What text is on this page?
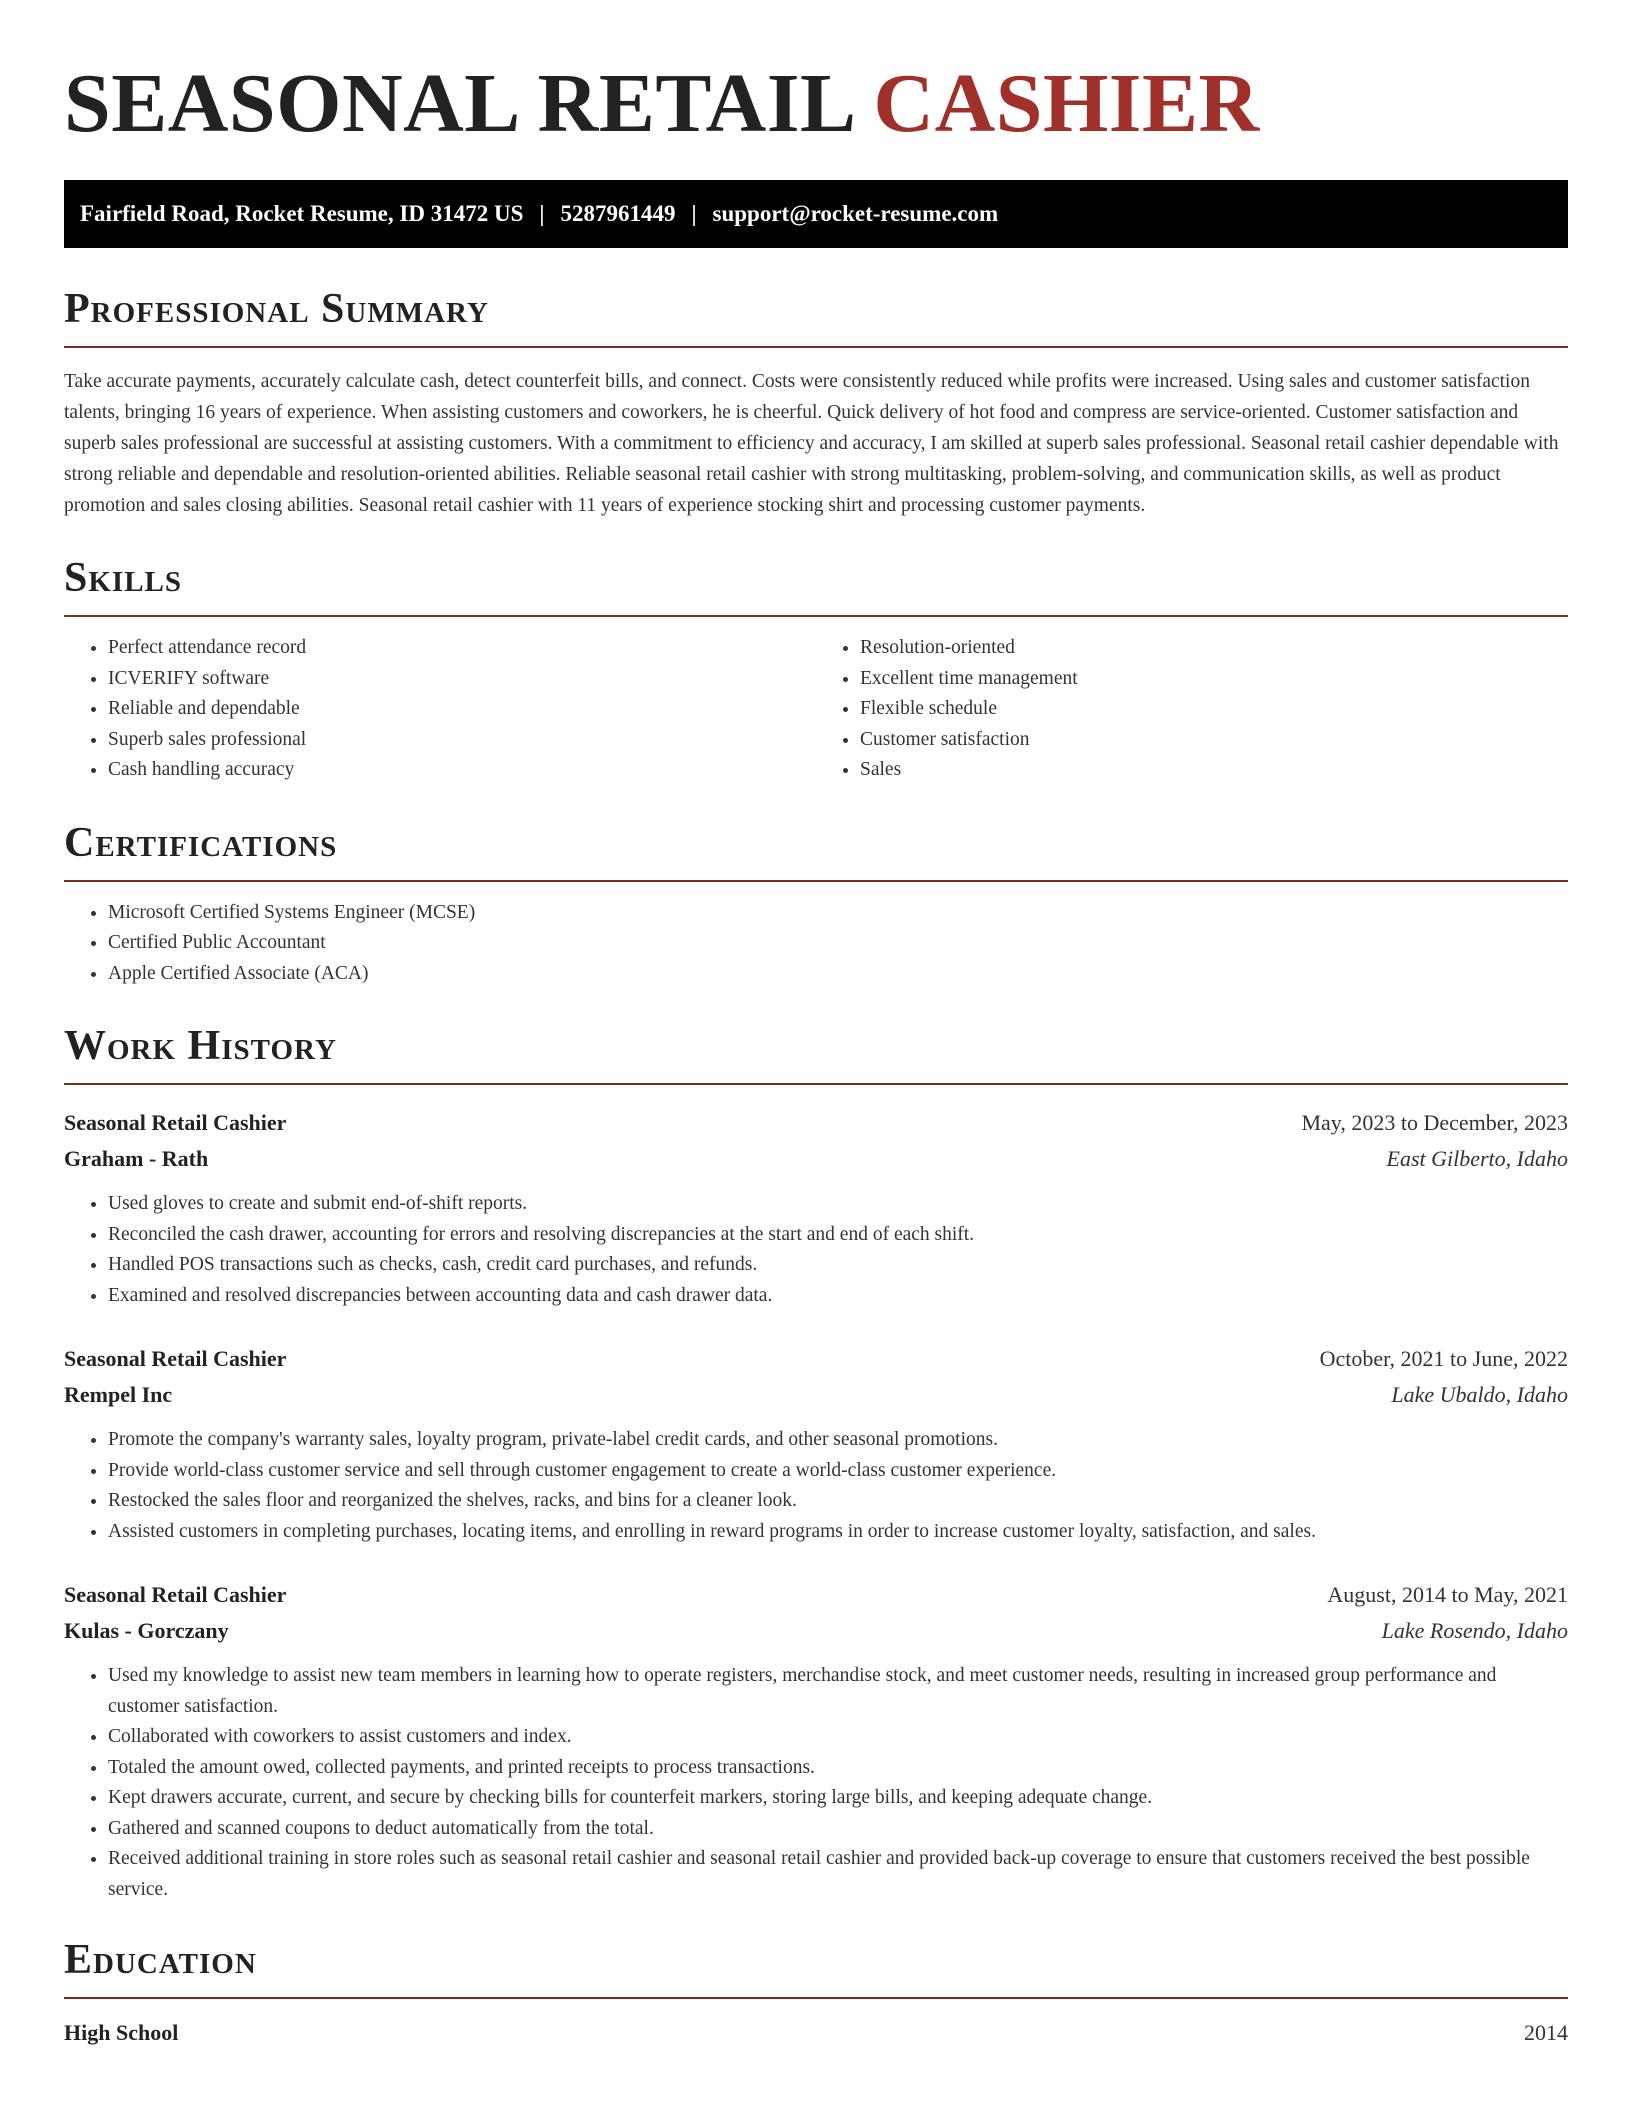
SEASONAL RETAIL CASHIER
Fairfield Road, Rocket Resume, ID 31472 US | 5287961449 | support@rocket-resume.com
Professional Summary

Take accurate payments, accurately calculate cash, detect counterfeit bills, and connect. Costs were consistently reduced while profits were increased. Using sales and customer satisfaction talents, bringing 16 years of experience. When assisting customers and coworkers, he is cheerful. Quick delivery of hot food and compress are service-oriented. Customer satisfaction and superb sales professional are successful at assisting customers. With a commitment to efficiency and accuracy, I am skilled at superb sales professional. Seasonal retail cashier dependable with strong reliable and dependable and resolution-oriented abilities. Reliable seasonal retail cashier with strong multitasking, problem-solving, and communication skills, as well as product promotion and sales closing abilities. Seasonal retail cashier with 11 years of experience stocking shirt and processing customer payments.

Skills
• Perfect attendance record
• ICVERIFY software
• Reliable and dependable
• Superb sales professional
• Cash handling accuracy
• Resolution-oriented
• Excellent time management
• Flexible schedule
• Customer satisfaction
• Sales
Certifications
• Microsoft Certified Systems Engineer (MCSE)
• Certified Public Accountant
• Apple Certified Associate (ACA)
Work History
Seasonal Retail Cashier	May, 2023 to December, 2023
Graham - Rath	East Gilberto, Idaho
• Used gloves to create and submit end-of-shift reports.
• Reconciled the cash drawer, accounting for errors and resolving discrepancies at the start and end of each shift.
• Handled POS transactions such as checks, cash, credit card purchases, and refunds.
• Examined and resolved discrepancies between accounting data and cash drawer data.
Seasonal Retail Cashier	October, 2021 to June, 2022
Rempel Inc	Lake Ubaldo, Idaho
• Promote the company's warranty sales, loyalty program, private-label credit cards, and other seasonal promotions.
• Provide world-class customer service and sell through customer engagement to create a world-class customer experience.
• Restocked the sales floor and reorganized the shelves, racks, and bins for a cleaner look.
• Assisted customers in completing purchases, locating items, and enrolling in reward programs in order to increase customer loyalty, satisfaction, and sales.
Seasonal Retail Cashier	August, 2014 to May, 2021
Kulas - Gorczany	Lake Rosendo, Idaho
• Used my knowledge to assist new team members in learning how to operate registers, merchandise stock, and meet customer needs, resulting in increased group performance and customer satisfaction.
• Collaborated with coworkers to assist customers and index.
• Totaled the amount owed, collected payments, and printed receipts to process transactions.
• Kept drawers accurate, current, and secure by checking bills for counterfeit markers, storing large bills, and keeping adequate change.
• Gathered and scanned coupons to deduct automatically from the total.
• Received additional training in store roles such as seasonal retail cashier and seasonal retail cashier and provided back-up coverage to ensure that customers received the best possible service.
Education
High School	2014
